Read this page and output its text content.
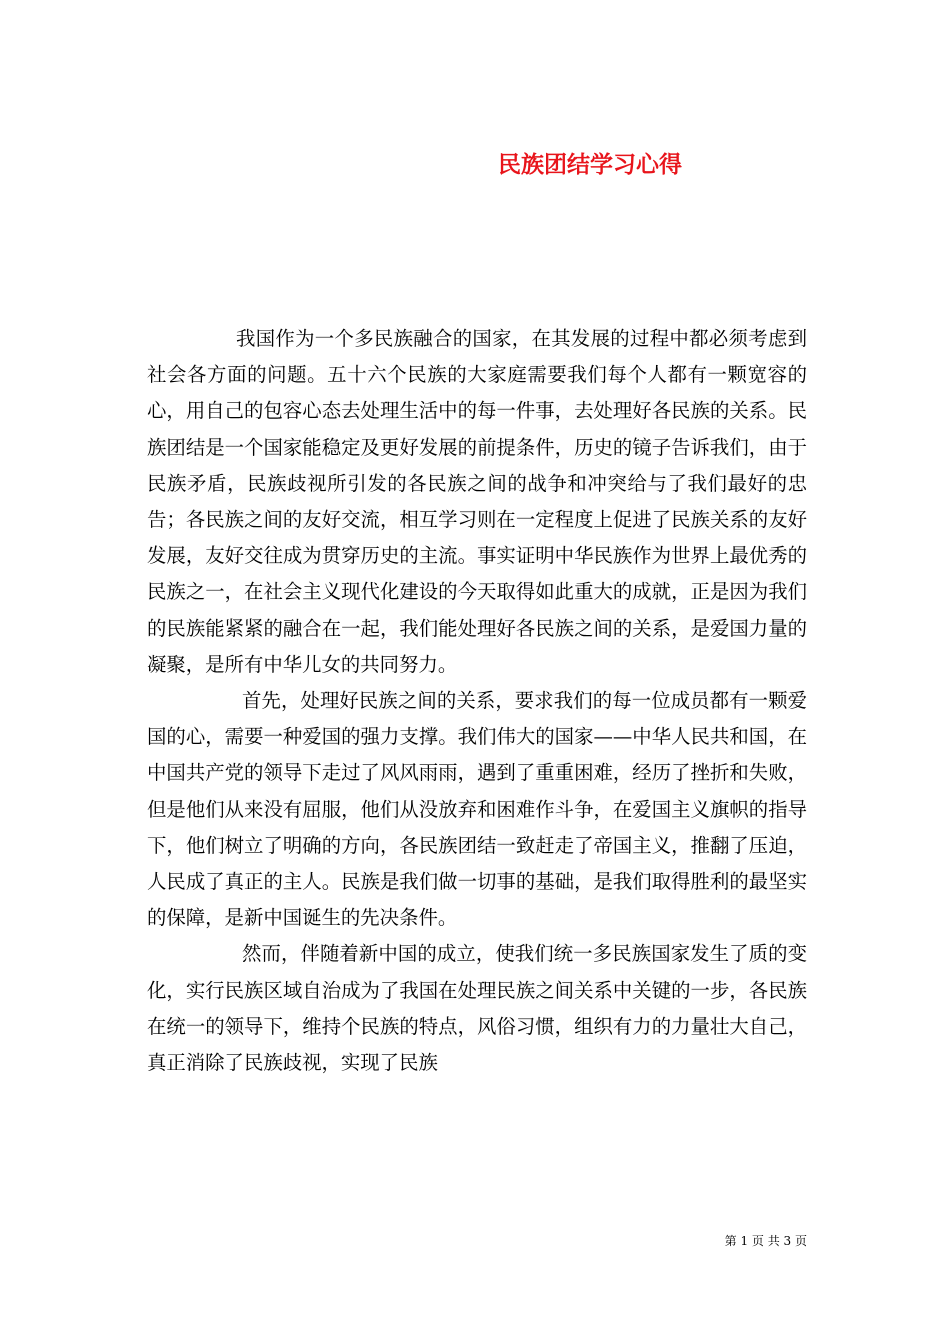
民族团结学习心得

我国作为一个多民族融合的国家，在其发展的过程中都必须考虑到社会各方面的问题。五十六个民族的大家庭需要我们每个人都有一颗宽容的心，用自己的包容心态去处理生活中的每一件事，去处理好各民族的关系。民族团结是一个国家能稳定及更好发展的前提条件，历史的镜子告诉我们，由于民族矛盾，民族歧视所引发的各民族之间的战争和冲突给与了我们最好的忠告；各民族之间的友好交流，相互学习则在一定程度上促进了民族关系的友好发展，友好交往成为贯穿历史的主流。事实证明中华民族作为世界上最优秀的民族之一，在社会主义现代化建设的今天取得如此重大的成就，正是因为我们的民族能紧紧的融合在一起，我们能处理好各民族之间的关系，是爱国力量的凝聚，是所有中华儿女的共同努力。

首先，处理好民族之间的关系，要求我们的每一位成员都有一颗爱国的心，需要一种爱国的强力支撑。我们伟大的国家——中华人民共和国，在中国共产党的领导下走过了风风雨雨，遇到了重重困难，经历了挫折和失败，但是他们从来没有屈服，他们从没放弃和困难作斗争，在爱国主义旗帜的指导下，他们树立了明确的方向，各民族团结一致赶走了帝国主义，推翻了压迫，人民成了真正的主人。民族是我们做一切事的基础，是我们取得胜利的最坚实的保障，是新中国诞生的先决条件。

然而，伴随着新中国的成立，使我们统一多民族国家发生了质的变化，实行民族区域自治成为了我国在处理民族之间关系中关键的一步，各民族在统一的领导下，维持个民族的特点，风俗习惯，组织有力的力量壮大自己，真正消除了民族歧视，实现了民族

第 1 页 共 3 页
